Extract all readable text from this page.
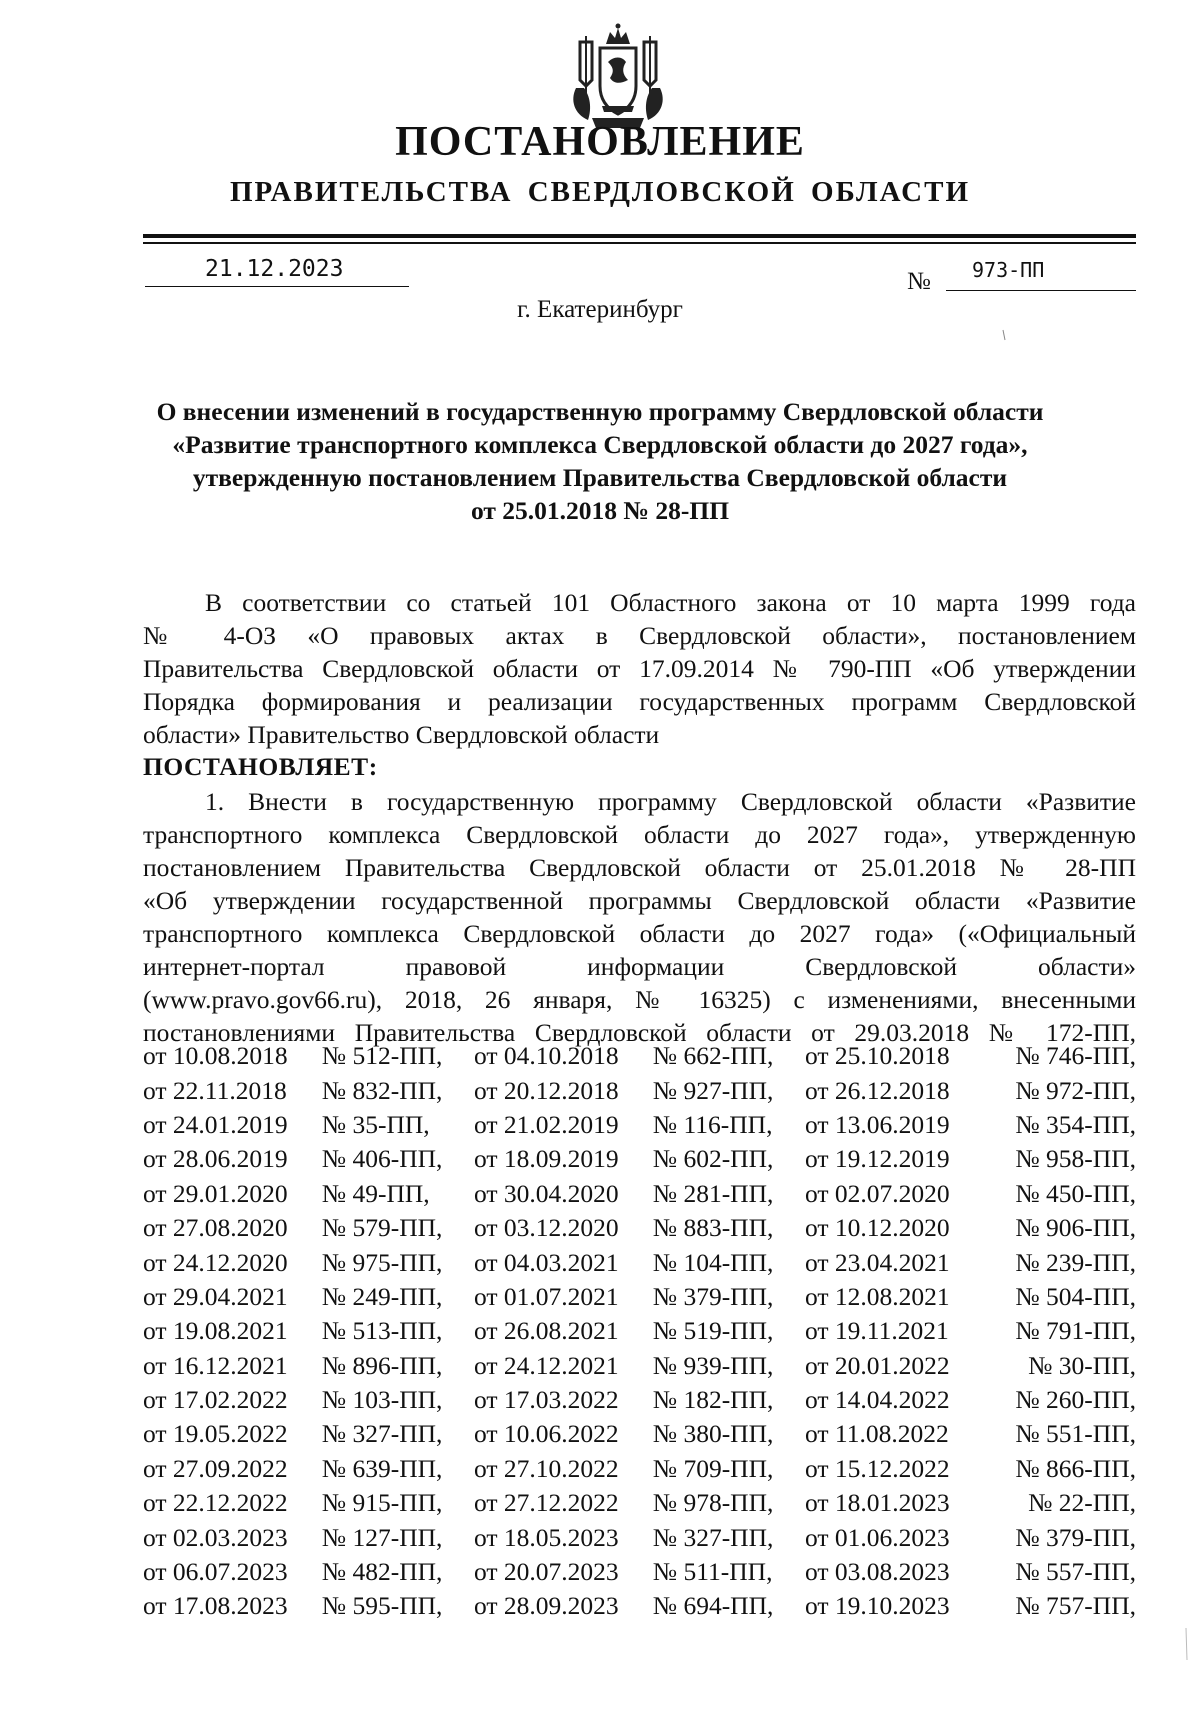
ПОСТАНОВЛЕНИЕ
ПРАВИТЕЛЬСТВА СВЕРДЛОВСКОЙ ОБЛАСТИ
21.12.2023	№ 973-ПП
г. Екатеринбург
О внесении изменений в государственную программу Свердловской области
«Развитие транспортного комплекса Свердловской области до 2027 года»,
утвержденную постановлением Правительства Свердловской области
от 25.01.2018 № 28-ПП
В соответствии со статьей 101 Областного закона от 10 марта 1999 года
№ 4-ОЗ «О правовых актах в Свердловской области», постановлением
Правительства Свердловской области от 17.09.2014 № 790-ПП «Об утверждении
Порядка формирования и реализации государственных программ Свердловской
области» Правительство Свердловской области
ПОСТАНОВЛЯЕТ:
1. Внести в государственную программу Свердловской области «Развитие
транспортного комплекса Свердловской области до 2027 года», утвержденную
постановлением Правительства Свердловской области от 25.01.2018 № 28-ПП
«Об утверждении государственной программы Свердловской области «Развитие
транспортного комплекса Свердловской области до 2027 года» («Официальный
интернет-портал правовой информации Свердловской области»
(www.pravo.gov66.ru), 2018, 26 января, № 16325) с изменениями, внесенными
постановлениями Правительства Свердловской области от 29.03.2018 № 172-ПП,
от 10.08.2018	№ 512-ПП,	от 04.10.2018	№ 662-ПП,	от 25.10.2018	№ 746-ПП,
от 22.11.2018	№ 832-ПП,	от 20.12.2018	№ 927-ПП,	от 26.12.2018	№ 972-ПП,
от 24.01.2019	№ 35-ПП,	от 21.02.2019	№ 116-ПП,	от 13.06.2019	№ 354-ПП,
от 28.06.2019	№ 406-ПП,	от 18.09.2019	№ 602-ПП,	от 19.12.2019	№ 958-ПП,
от 29.01.2020	№ 49-ПП,	от 30.04.2020	№ 281-ПП,	от 02.07.2020	№ 450-ПП,
от 27.08.2020	№ 579-ПП,	от 03.12.2020	№ 883-ПП,	от 10.12.2020	№ 906-ПП,
от 24.12.2020	№ 975-ПП,	от 04.03.2021	№ 104-ПП,	от 23.04.2021	№ 239-ПП,
от 29.04.2021	№ 249-ПП,	от 01.07.2021	№ 379-ПП,	от 12.08.2021	№ 504-ПП,
от 19.08.2021	№ 513-ПП,	от 26.08.2021	№ 519-ПП,	от 19.11.2021	№ 791-ПП,
от 16.12.2021	№ 896-ПП,	от 24.12.2021	№ 939-ПП,	от 20.01.2022	№ 30-ПП,
от 17.02.2022	№ 103-ПП,	от 17.03.2022	№ 182-ПП,	от 14.04.2022	№ 260-ПП,
от 19.05.2022	№ 327-ПП,	от 10.06.2022	№ 380-ПП,	от 11.08.2022	№ 551-ПП,
от 27.09.2022	№ 639-ПП,	от 27.10.2022	№ 709-ПП,	от 15.12.2022	№ 866-ПП,
от 22.12.2022	№ 915-ПП,	от 27.12.2022	№ 978-ПП,	от 18.01.2023	№ 22-ПП,
от 02.03.2023	№ 127-ПП,	от 18.05.2023	№ 327-ПП,	от 01.06.2023	№ 379-ПП,
от 06.07.2023	№ 482-ПП,	от 20.07.2023	№ 511-ПП,	от 03.08.2023	№ 557-ПП,
от 17.08.2023	№ 595-ПП,	от 28.09.2023	№ 694-ПП,	от 19.10.2023	№ 757-ПП,
